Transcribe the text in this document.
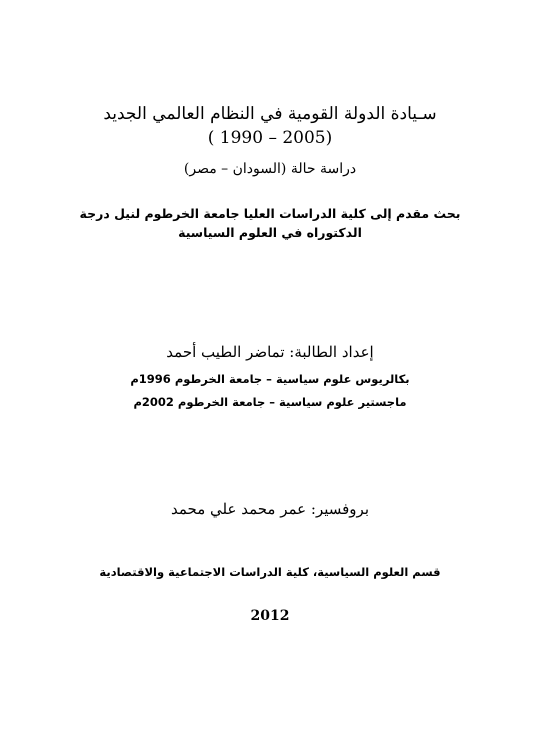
سـيادة الدولة القومية في النظام العالمي الجديد
( 1990 – 2005)
دراسة حالة (السودان – مصر)
بحث مقدم إلى كلية الدراسات العليا جامعة الخرطوم لنيل درجة الدكتوراه في العلوم السياسية
إعداد الطالبة: تماضر الطيب أحمد
بكالريوس علوم سياسية – جامعة الخرطوم 1996م
ماجستير علوم سياسية – جامعة الخرطوم 2002م
بروفسير: عمر محمد علي محمد
قسم العلوم السياسية، كلية الدراسات الاجتماعية والاقتصادية
2012
